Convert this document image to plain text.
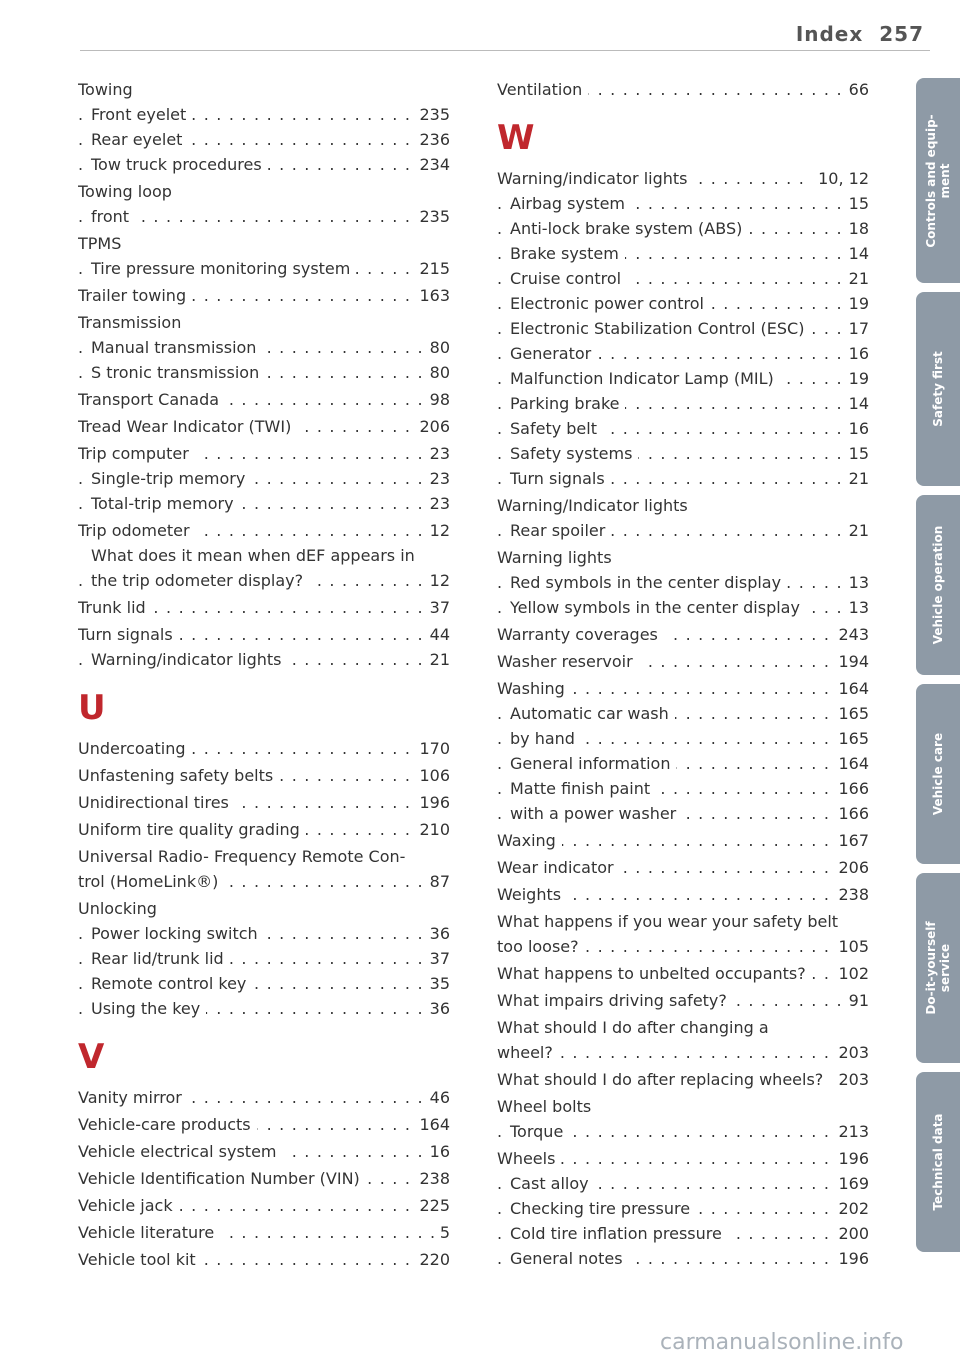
Index 257
Towing
. . . Front eyelet	235
. . . Rear eyelet	236
. . . Tow truck procedures	234
Towing loop
. . . front	235
TPMS
. . . Tire pressure monitoring system	215
. . . Trailer towing	163
Transmission
. . . Manual transmission	80
. . . S tronic transmission	80
. . . Transport Canada	98
. . . Tread Wear Indicator (TWI)	206
. . . Trip computer	23
. . . Single-trip memory	23
. . . Total-trip memory	23
. . . Trip odometer	12
What does it mean when dEF appears in
. . . the trip odometer display?	12
. . . Trunk lid	37
. . . Turn signals	44
. . . Warning/indicator lights	21
U
. . . Undercoating	170
. . . Unfastening safety belts	106
. . . Unidirectional tires	196
. . . Uniform tire quality grading	210
Universal Radio- Frequency Remote Con-
. . . trol (HomeLink®)	87
Unlocking
. . . Power locking switch	36
. . . Rear lid/trunk lid	37
. . . Remote control key	35
. . . Using the key	36
V
. . . Vanity mirror	46
. . . Vehicle-care products	164
. . . Vehicle electrical system	16
. . . Vehicle Identification Number (VIN)	238
. . . Vehicle jack	225
. . . Vehicle literature	5
. . . Vehicle tool kit	220
. . . Ventilation	66
W
. . . Warning/indicator lights	10, 12
. . . Airbag system	15
. . . Anti-lock brake system (ABS)	18
. . . Brake system	14
. . . Cruise control	21
. . . Electronic power control	19
. . . Electronic Stabilization Control (ESC)	17
. . . Generator	16
. . . Malfunction Indicator Lamp (MIL)	19
. . . Parking brake	14
. . . Safety belt	16
. . . Safety systems	15
. . . Turn signals	21
Warning/Indicator lights
. . . Rear spoiler	21
Warning lights
. . . Red symbols in the center display	13
. . . Yellow symbols in the center display	13
. . . Warranty coverages	243
. . . Washer reservoir	194
. . . Washing	164
. . . Automatic car wash	165
. . . by hand	165
. . . General information	164
. . . Matte finish paint	166
. . . with a power washer	166
. . . Waxing	167
. . . Wear indicator	206
. . . Weights	238
What happens if you wear your safety belt
. . . too loose?	105
. . . What happens to unbelted occupants?	102
. . . What impairs driving safety?	91
What should I do after changing a
. . . wheel?	203
. . . What should I do after replacing wheels? 203
Wheel bolts
. . . Torque	213
. . . Wheels	196
. . . Cast alloy	169
. . . Checking tire pressure	202
. . . Cold tire inflation pressure	200
. . . General notes	196
Controls and equip-
ment
Safety first
Vehicle operation
Vehicle care
Do-it-yourself
service
Technical data
carmanualsonline.info
